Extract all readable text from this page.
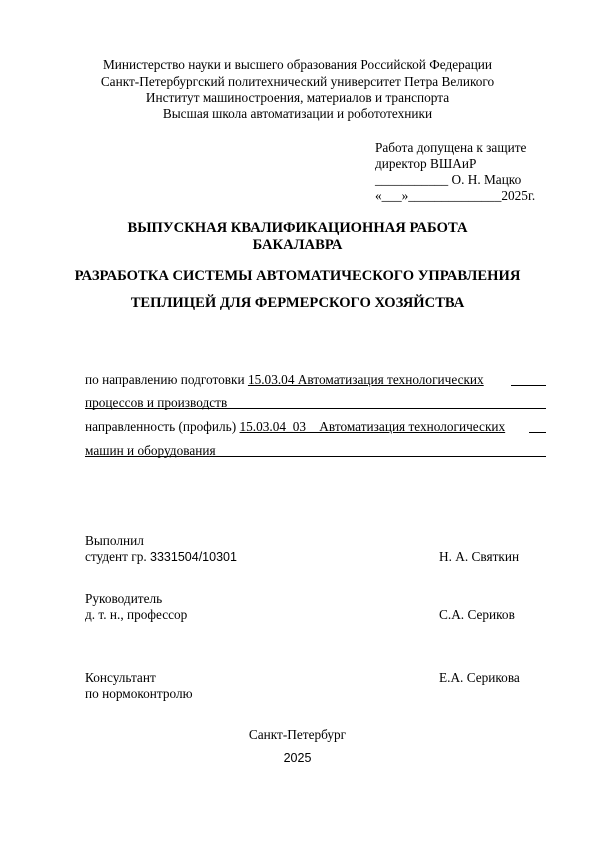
Министерство науки и высшего образования Российской Федерации
Санкт-Петербургский политехнический университет Петра Великого
Институт машиностроения, материалов и транспорта
Высшая школа автоматизации и робототехники
Работа допущена к защите
директор ВШАиР
___________ О. Н. Мацко
«___»______________2025г.
ВЫПУСКНАЯ КВАЛИФИКАЦИОННАЯ РАБОТА
БАКАЛАВРА
РАЗРАБОТКА СИСТЕМЫ АВТОМАТИЧЕСКОГО УПРАВЛЕНИЯ
ТЕПЛИЦЕЙ ДЛЯ ФЕРМЕРСКОГО ХОЗЯЙСТВА
по направлению подготовки 15.03.04 Автоматизация технологических
процессов и производств
направленность (профиль) 15.03.04_03    Автоматизация технологических
машин и оборудования
Выполнил
студент гр. 3331504/10301	Н. А. Святкин
Руководитель
д. т. н., профессор	С.А. Сериков
Консультант	Е.А. Серикова
по нормоконтролю
Санкт-Петербург
2025
